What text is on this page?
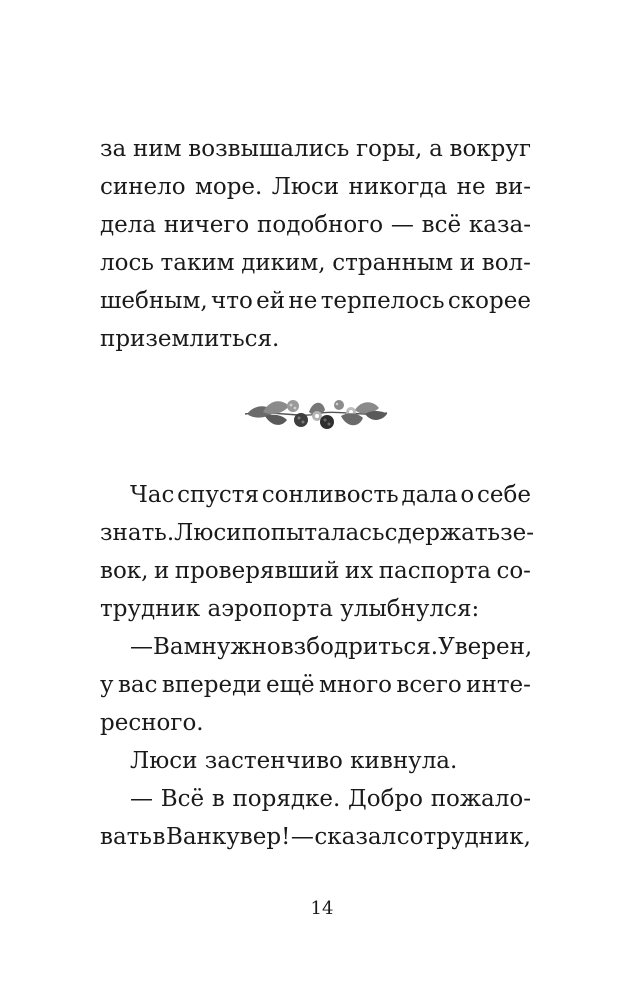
за ним возвышались горы, а вокруг
синело море. Люси никогда не ви-
дела ничего подобного — всё каза-
лось таким диким, странным и вол-
шебным, что ей не терпелось скорее
приземлиться.
Час спустя сонливость дала о себе
знать. Люси попыталась сдержать зе-
вок, и проверявший их паспорта со-
трудник аэропорта улыбнулся:
— Вам нужно взбодриться. Уверен,
у вас впереди ещё много всего инте-
ресного.
Люси застенчиво кивнула.
— Всё в порядке. Добро пожало-
вать в Ванкувер! — сказал сотрудник,
14
